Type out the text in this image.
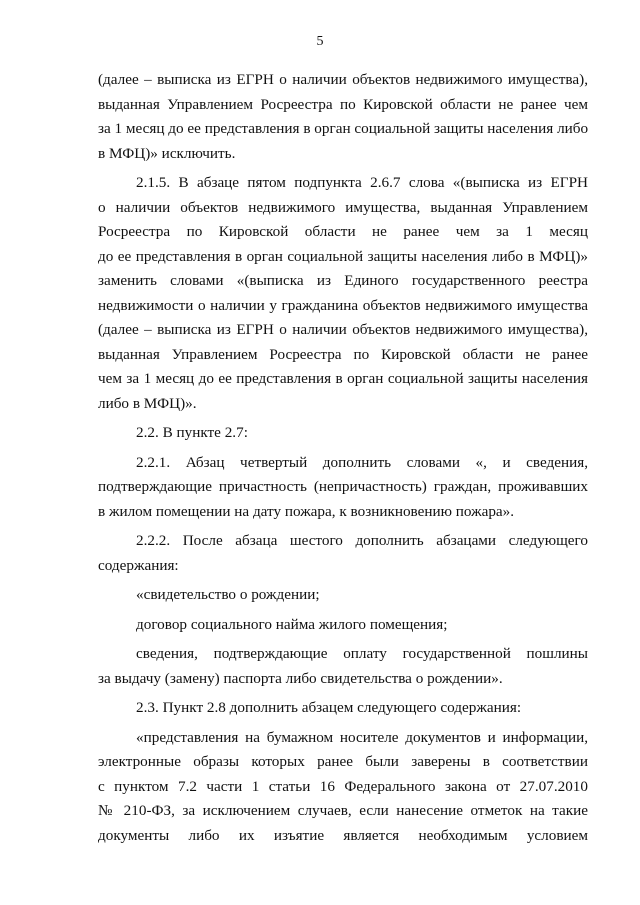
5
(далее – выписка из ЕГРН о наличии объектов недвижимого имущества),
выданная Управлением Росреестра по Кировской области не ранее чем
за 1 месяц до ее представления в орган социальной защиты населения либо
в МФЦ)» исключить.
2.1.5. В абзаце пятом подпункта 2.6.7 слова «(выписка из ЕГРН
о наличии объектов недвижимого имущества, выданная Управлением
Росреестра по Кировской области не ранее чем за 1 месяц
до ее представления в орган социальной защиты населения либо в МФЦ)»
заменить словами «(выписка из Единого государственного реестра
недвижимости о наличии у гражданина объектов недвижимого имущества
(далее – выписка из ЕГРН о наличии объектов недвижимого имущества),
выданная Управлением Росреестра по Кировской области не ранее
чем за 1 месяц до ее представления в орган социальной защиты населения
либо в МФЦ)».
2.2. В пункте 2.7:
2.2.1. Абзац четвертый дополнить словами «, и сведения,
подтверждающие причастность (непричастность) граждан, проживавших
в жилом помещении на дату пожара, к возникновению пожара».
2.2.2. После абзаца шестого дополнить абзацами следующего
содержания:
«свидетельство о рождении;
договор социального найма жилого помещения;
сведения, подтверждающие оплату государственной пошлины
за выдачу (замену) паспорта либо свидетельства о рождении».
2.3. Пункт 2.8 дополнить абзацем следующего содержания:
«представления на бумажном носителе документов и информации,
электронные образы которых ранее были заверены в соответствии
с пунктом 7.2 части 1 статьи 16 Федерального закона от 27.07.2010
№ 210-ФЗ, за исключением случаев, если нанесение отметок на такие
документы либо их изъятие является необходимым условием
